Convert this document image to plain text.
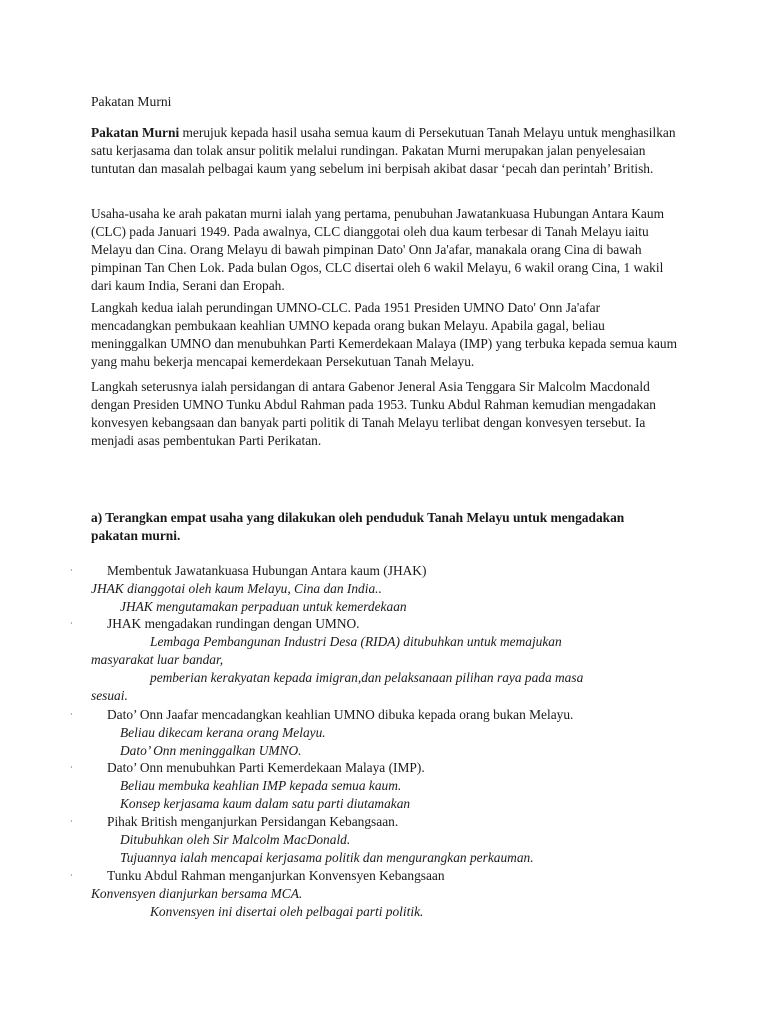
Pakatan Murni

Pakatan Murni merujuk kepada hasil usaha semua kaum di Persekutuan Tanah Melayu untuk menghasilkan satu kerjasama dan tolak ansur politik melalui rundingan. Pakatan Murni merupakan jalan penyelesaian tuntutan dan masalah pelbagai kaum yang sebelum ini berpisah akibat dasar ‘pecah dan perintah’ British.

Usaha-usaha ke arah pakatan murni ialah yang pertama, penubuhan Jawatankuasa Hubungan Antara Kaum (CLC) pada Januari 1949. Pada awalnya, CLC dianggotai oleh dua kaum terbesar di Tanah Melayu iaitu Melayu dan Cina. Orang Melayu di bawah pimpinan Dato' Onn Ja'afar, manakala orang Cina di bawah pimpinan Tan Chen Lok. Pada bulan Ogos, CLC disertai oleh 6 wakil Melayu, 6 wakil orang Cina, 1 wakil dari kaum India, Serani dan Eropah.

Langkah kedua ialah perundingan UMNO-CLC. Pada 1951 Presiden UMNO Dato' Onn Ja'afar mencadangkan pembukaan keahlian UMNO kepada orang bukan Melayu. Apabila gagal, beliau meninggalkan UMNO dan menubuhkan Parti Kemerdekaan Malaya (IMP) yang terbuka kepada semua kaum yang mahu bekerja mencapai kemerdekaan Persekutuan Tanah Melayu.

Langkah seterusnya ialah persidangan di antara Gabenor Jeneral Asia Tenggara Sir Malcolm Macdonald dengan Presiden UMNO Tunku Abdul Rahman pada 1953. Tunku Abdul Rahman kemudian mengadakan konvesyen kebangsaan dan banyak parti politik di Tanah Melayu terlibat dengan konvesyen tersebut. Ia menjadi asas pembentukan Parti Perikatan.

a) Terangkan empat usaha yang dilakukan oleh penduduk Tanah Melayu untuk mengadakan pakatan murni.

·	Membentuk Jawatankuasa Hubungan Antara kaum (JHAK)
JHAK dianggotai oleh kaum Melayu, Cina dan India..
JHAK mengutamakan perpaduan untuk kemerdekaan
·	JHAK mengadakan rundingan dengan UMNO.
Lembaga Pembangunan Industri Desa (RIDA) ditubuhkan untuk memajukan
masyarakat luar bandar,
pemberian kerakyatan kepada imigran,dan pelaksanaan pilihan raya pada masa
sesuai.
·	Dato’ Onn Jaafar mencadangkan keahlian UMNO dibuka kepada orang bukan Melayu.
Beliau dikecam kerana orang Melayu.
Dato’ Onn meninggalkan UMNO.
·	Dato’ Onn menubuhkan Parti Kemerdekaan Malaya (IMP).
Beliau membuka keahlian IMP kepada semua kaum.
Konsep kerjasama kaum dalam satu parti diutamakan
·	Pihak British menganjurkan Persidangan Kebangsaan.
Ditubuhkan oleh Sir Malcolm MacDonald.
Tujuannya ialah mencapai kerjasama politik dan mengurangkan perkauman.
·	Tunku Abdul Rahman menganjurkan Konvensyen Kebangsaan
Konvensyen dianjurkan bersama MCA.
Konvensyen ini disertai oleh pelbagai parti politik.
